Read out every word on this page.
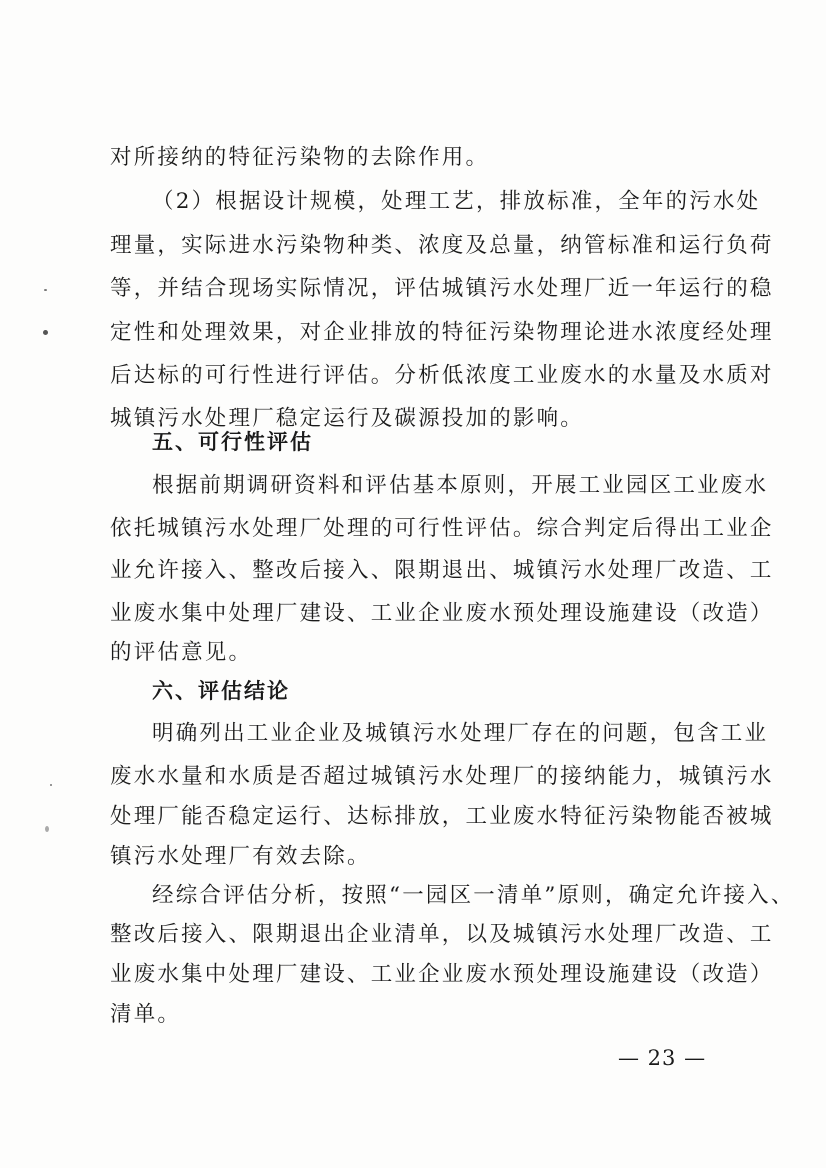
对所接纳的特征污染物的去除作用。
（2）根据设计规模，处理工艺，排放标准，全年的污水处
理量，实际进水污染物种类、浓度及总量，纳管标准和运行负荷
等，并结合现场实际情况，评估城镇污水处理厂近一年运行的稳
定性和处理效果，对企业排放的特征污染物理论进水浓度经处理
后达标的可行性进行评估。分析低浓度工业废水的水量及水质对
城镇污水处理厂稳定运行及碳源投加的影响。
五、可行性评估
根据前期调研资料和评估基本原则，开展工业园区工业废水
依托城镇污水处理厂处理的可行性评估。综合判定后得出工业企
业允许接入、整改后接入、限期退出、城镇污水处理厂改造、工
业废水集中处理厂建设、工业企业废水预处理设施建设（改造）
的评估意见。
六、评估结论
明确列出工业企业及城镇污水处理厂存在的问题，包含工业
废水水量和水质是否超过城镇污水处理厂的接纳能力，城镇污水
处理厂能否稳定运行、达标排放，工业废水特征污染物能否被城
镇污水处理厂有效去除。
经综合评估分析，按照“一园区一清单”原则，确定允许接入、
整改后接入、限期退出企业清单，以及城镇污水处理厂改造、工
业废水集中处理厂建设、工业企业废水预处理设施建设（改造）
清单。
— 23 —
